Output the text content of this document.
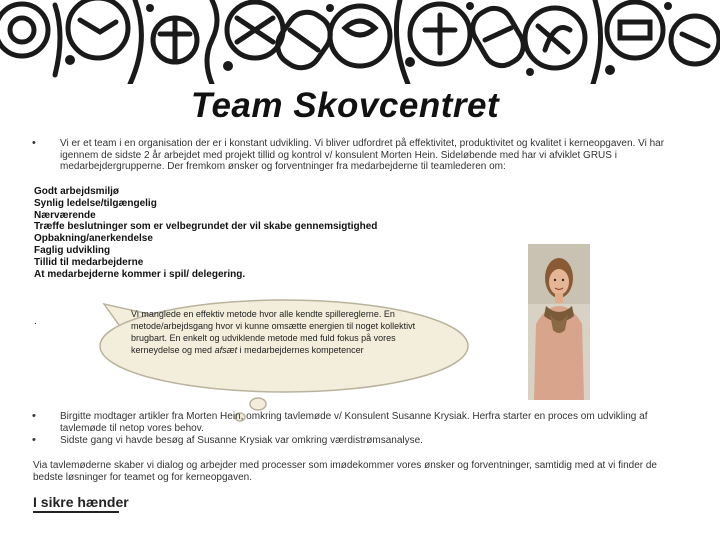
Team Skovcentret
• Vi er et team i en organisation der er i konstant udvikling. Vi bliver udfordret på effektivitet, produktivitet og kvalitet i kerneopgaven. Vi har igennem de sidste 2 år arbejdet med projekt tillid og kontrol v/ konsulent Morten Hein. Sideløbende med har vi afviklet GRUS i medarbejdergrupperne. Der fremkom ønsker og forventninger fra medarbejderne til teamlederen om:

Godt arbejdsmiljø
Synlig ledelse/tilgængelig
Nærværende
Træffe beslutninger som er velbegrundet der vil skabe gennemsigtighed
Opbakning/anerkendelse
Faglig udvikling
Tillid til medarbejderne
At medarbejderne kommer i spil/ delegering.
.
Vi manglede en effektiv metode hvor alle kendte spillereglerne. En
metode/arbejdsgang hvor vi kunne omsætte energien til noget kollektivt
brugbart. En enkelt og udviklende metode med fuld fokus på vores
kerneydelse og med afsæt i medarbejdernes kompetencer
• Birgitte modtager artikler fra Morten Hein, omkring tavlemøde v/ Konsulent Susanne Krysiak. Herfra starter en proces om udvikling af tavlemøde til netop vores behov.

• Sidste gang vi havde besøg af Susanne Krysiak var omkring værdistrømsanalyse.

Via tavlemøderne skaber vi dialog og arbejder med processer som imødekommer vores ønsker og forventninger, samtidig med at vi finder de bedste løsninger for teamet og for kerneopgaven.

I sikre hænder
